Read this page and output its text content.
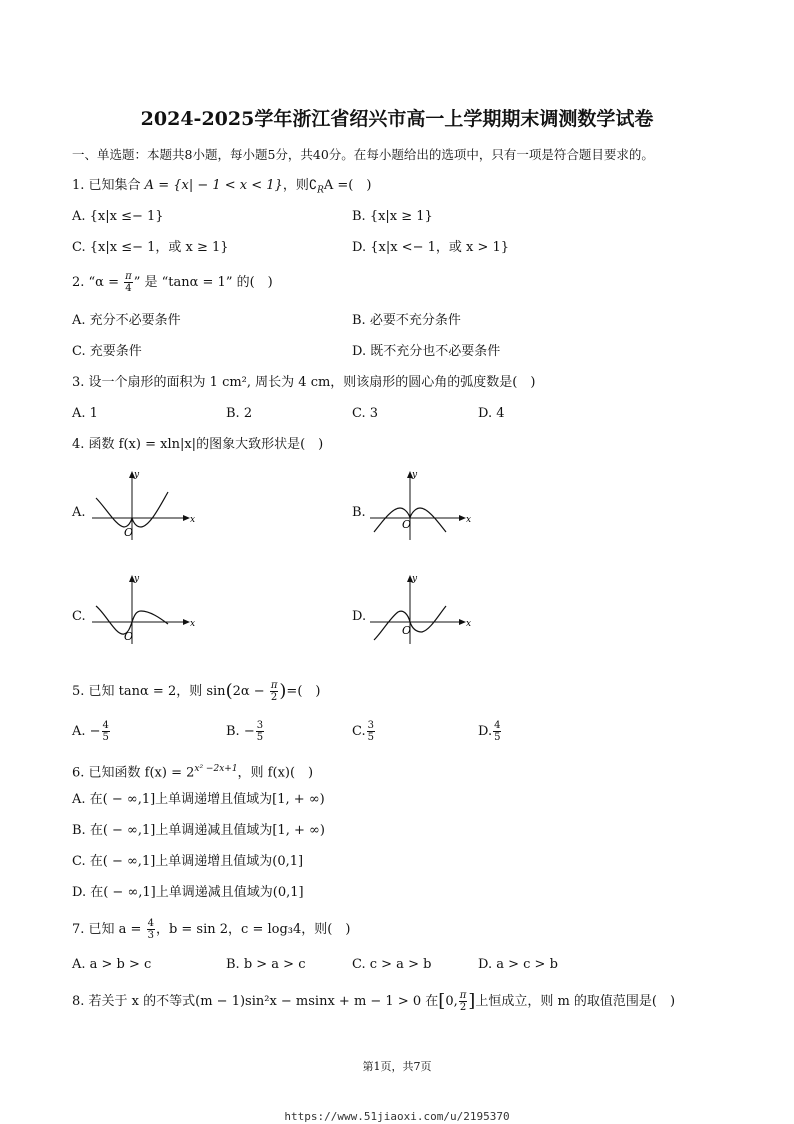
2024-2025学年浙江省绍兴市高一上学期期末调测数学试卷
一、单选题：本题共8小题，每小题5分，共40分。在每小题给出的选项中，只有一项是符合题目要求的。
1. 已知集合 A = {x| − 1 < x < 1}，则$∁_RA$ =(　)
A. {x|x ≤− 1}	B. {x|x ≥ 1}
C. {x|x ≤− 1，或 x ≥ 1}	D. {x|x <− 1，或 x > 1}
2. “$\alpha = \frac{\pi}{4}$ ” 是 “tanα = 1” 的(　)
A. 充分不必要条件	B. 必要不充分条件
C. 充要条件	D. 既不充分也不必要条件
3. 设一个扇形的面积为 1 cm², 周长为 4 cm，则该扇形的圆心角的弧度数是(　)
A. 1	B. 2	C. 3	D. 4
4. 函数 f(x) = xln|x|的图象大致形状是(　)
A.	B.
C.	D.
y
x
O
y
x
O
y
x
O
y
x
O
5. 已知 tanα = 2，则 $\sin(2\alpha - \frac{\pi}{2}$ )=(　)
A. − $\frac{4}{5}$	B. − $\frac{3}{5}$	C. $\frac{3}{5}$	D. $\frac{4}{5}$
6. 已知函数 $f(x) = 2^{x^2 -2x+1}$，则 f(x)(　)
A. 在( − ∞,1]上单调递增且值域为[1, + ∞)
B. 在( − ∞,1]上单调递减且值域为[1, + ∞)
C. 在( − ∞,1]上单调递增且值域为(0,1]
D. 在( − ∞,1]上单调递减且值域为(0,1]
7. 已知 $a = \frac{4}{3}$ ，b = sin 2，c = log₃4，则(　)
A. a > b > c	B. b > a > c	C. c > a > b	D. a > c > b
8. 若关于 x 的不等式(m − 1)sin²x − msinx + m − 1 > 0 在[0, $\frac{\pi}{2}$ ]上恒成立，则 m 的取值范围是(　)
第1页，共7页
https://www.51jiaoxi.com/u/2195370
